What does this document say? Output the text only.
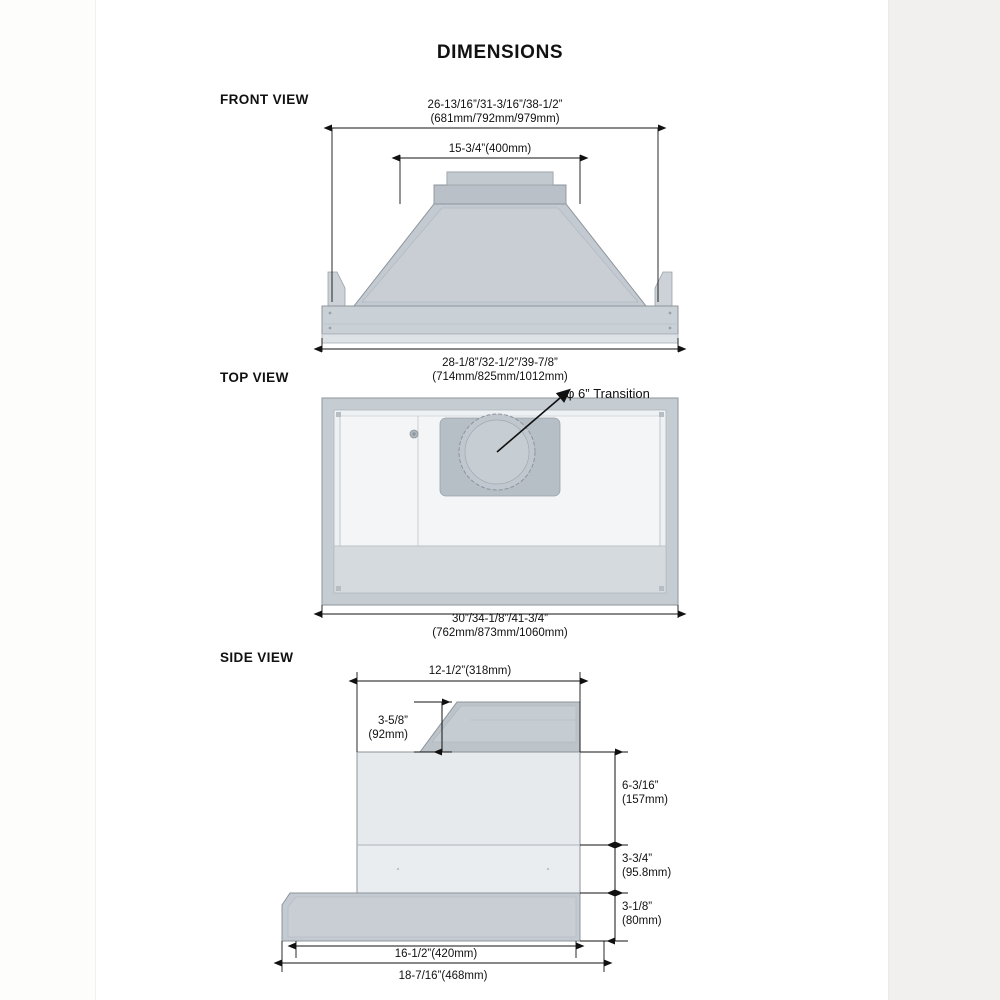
DIMENSIONS
FRONT VIEW	26-13/16”/31-3/16”/38-1/2”
(681mm/792mm/979mm)
15-3/4”(400mm)
28-1/8”/32-1/2”/39-7/8”
(714mm/825mm/1012mm)
TOP VIEW
φ 6” Transition
30”/34-1/8”/41-3/4”
(762mm/873mm/1060mm)
SIDE VIEW
12-1/2”(318mm)
3-5/8”
(92mm)
6-3/16”
(157mm)
3-3/4”
(95.8mm)
3-1/8”
(80mm)
16-1/2”(420mm)
18-7/16”(468mm)
